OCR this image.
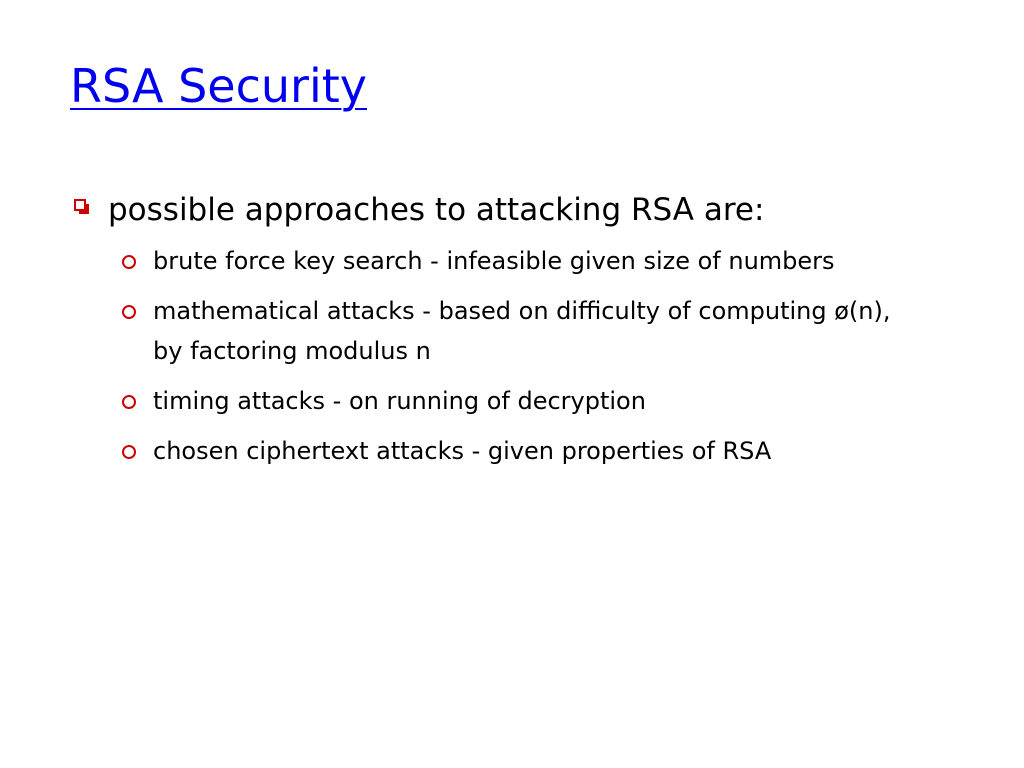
RSA Security
possible approaches to attacking RSA are:
brute force key search - infeasible given size of numbers
mathematical attacks - based on difficulty of computing ø(n), by factoring modulus n
timing attacks - on running of decryption
chosen ciphertext attacks - given properties of RSA
